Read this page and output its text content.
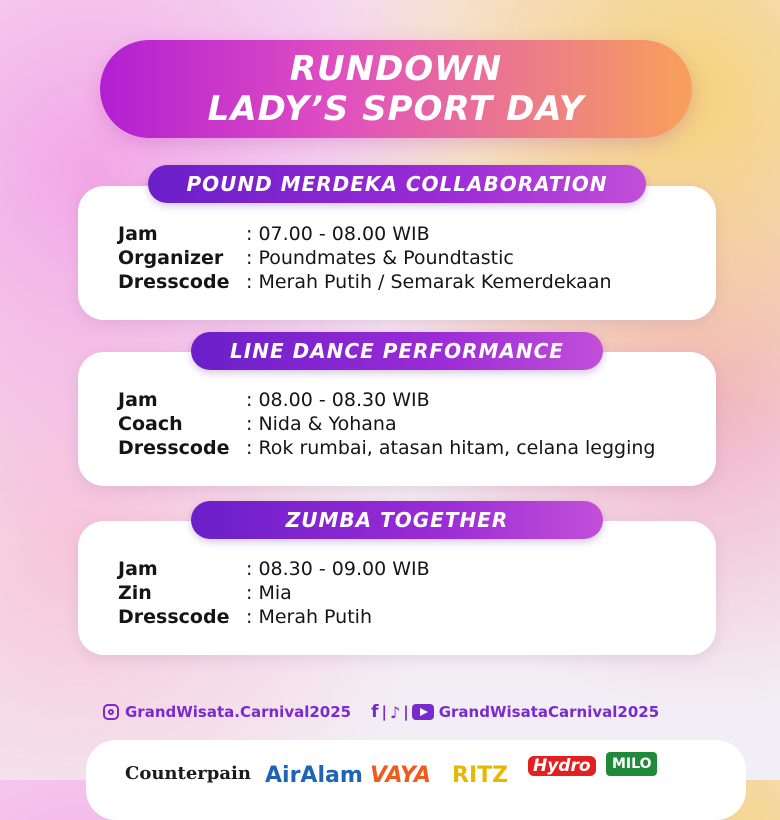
RUNDOWN
LADY’S SPORT DAY
POUND MERDEKA COLLABORATION
Jam	: 07.00 - 08.00 WIB
Organizer	: Poundmates & Poundtastic
Dresscode : Merah Putih / Semarak Kemerdekaan
LINE DANCE PERFORMANCE
Jam	: 08.00 - 08.30 WIB
Coach	: Nida & Yohana
Dresscode : Rok rumbai, atasan hitam, celana legging
ZUMBA TOGETHER
Jam	: 08.30 - 09.00 WIB
Zin	: Mia
Dresscode : Merah Putih
GrandWisata.Carnival2025 f | ♪ | GrandWisataCarnival2025
Counterpain AirAlam VAYA RITZ Hydro	MILO
